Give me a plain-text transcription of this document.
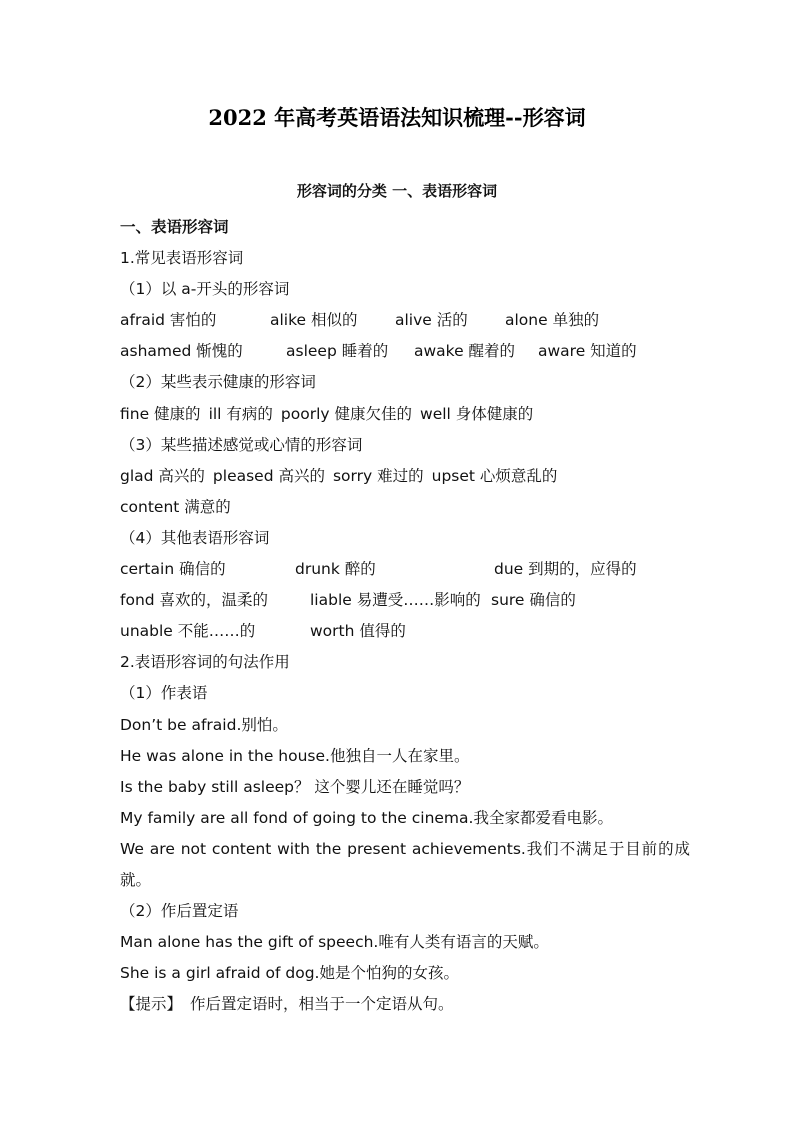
2022 年高考英语语法知识梳理--形容词
形容词的分类 一、表语形容词
一、表语形容词
1.常见表语形容词
（1）以 a-开头的形容词
afraid 害怕的	alike 相似的 alive 活的 alone 单独的
ashamed 惭愧的	asleep 睡着的 awake 醒着的 aware 知道的
（2）某些表示健康的形容词
fine 健康的 ill 有病的 poorly 健康欠佳的 well 身体健康的
（3）某些描述感觉或心情的形容词
glad 高兴的 pleased 高兴的 sorry 难过的 upset 心烦意乱的
content 满意的
（4）其他表语形容词
certain 确信的	drunk 醉的	due 到期的，应得的
fond 喜欢的，温柔的	liable 易遭受……影响的 sure 确信的
unable 不能……的	worth 值得的
2.表语形容词的句法作用
（1）作表语
Don’t be afraid.别怕。
He was alone in the house.他独自一人在家里。
Is the baby still asleep？ 这个婴儿还在睡觉吗？
My family are all fond of going to the cinema.我全家都爱看电影。
We are not content with the present achievements.我们不满足于目前的成就。
（2）作后置定语
Man alone has the gift of speech.唯有人类有语言的天赋。
She is a girl afraid of dog.她是个怕狗的女孩。
【提示】 作后置定语时，相当于一个定语从句。
